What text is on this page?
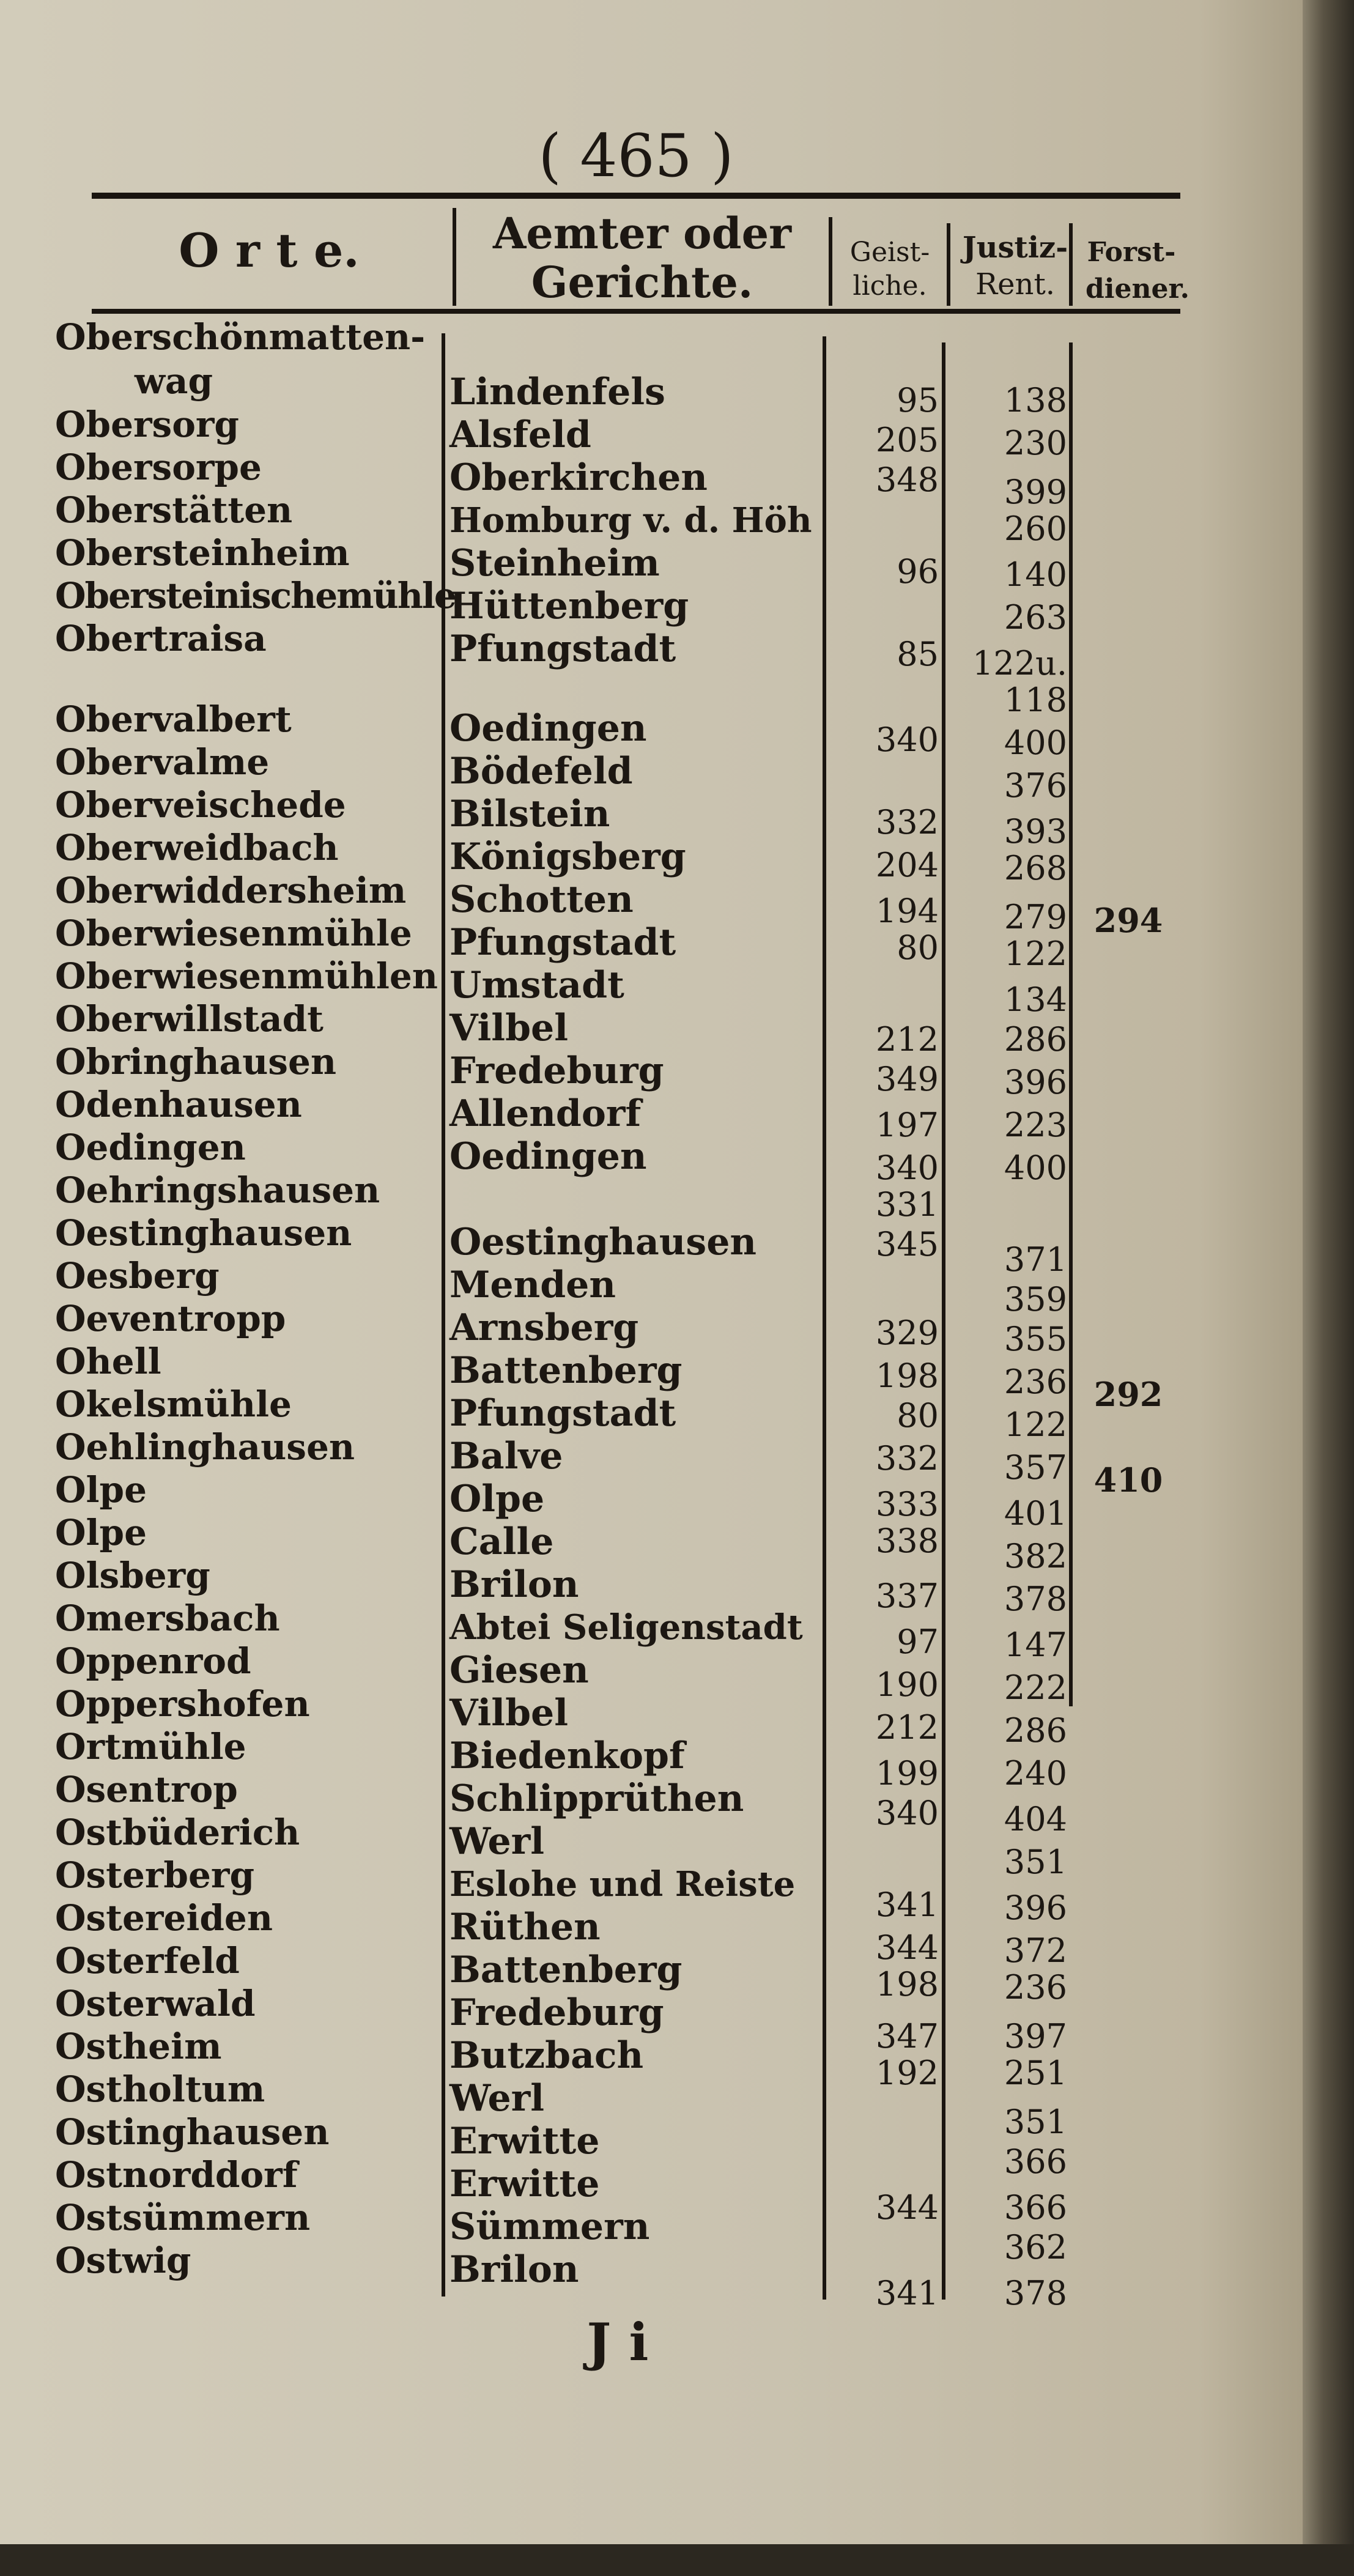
( 465 )
O r t e.	Aemter oder
Gerichte.
Geist-
liche.
Justiz-
Rent.
Forst-
diener.
Oberschönmatten-
wag
Obersorg
Obersorpe
Oberstätten
Obersteinheim
Obersteinischemühle
Obertraisa
Obervalbert
Obervalme
Oberveischede
Oberweidbach
Oberwiddersheim
Oberwiesenmühle
Oberwiesenmühlen
Oberwillstadt
Obringhausen
Odenhausen
Oedingen
Oehringshausen
Oestinghausen
Oesberg
Oeventropp
Ohell
Okelsmühle
Oehlinghausen
Olpe
Olpe
Olsberg
Omersbach
Oppenrod
Oppershofen
Ortmühle
Osentrop
Ostbüderich
Osterberg
Ostereiden
Osterfeld
Osterwald
Ostheim
Ostholtum
Ostinghausen
Ostnorddorf
Ostsümmern
Ostwig
Lindenfels
Alsfeld
Oberkirchen
Homburg v. d. Höh
Steinheim
Hüttenberg
Pfungstadt
Oedingen
Bödefeld
Bilstein
Königsberg
Schotten
Pfungstadt
Umstadt
Vilbel
Fredeburg
Allendorf
Oedingen
Oestinghausen
Menden
Arnsberg
Battenberg
Pfungstadt
Balve
Olpe
Calle
Brilon
Abtei Seligenstadt
Giesen
Vilbel
Biedenkopf
Schlipprüthen
Werl
Eslohe und Reiste
Rüthen
Battenberg
Fredeburg
Butzbach
Werl
Erwitte
Erwitte
Sümmern
Brilon
95
205
348
96
85
340
332
204
194
80
212
349
197
340
331
345
329
198
80
332
333
338
337
97
190
212
199
340
341
344
198
347
192
344
341
138
230
399
260
140
263
122u.
118
400
376
393
268
279
122
134
286
396
223
400
371
359
355
236
122
357
401
382
378
147
222
286
240
404
351
396
372
236
397
251
351
366
366
362
378
294
292
410
J i
